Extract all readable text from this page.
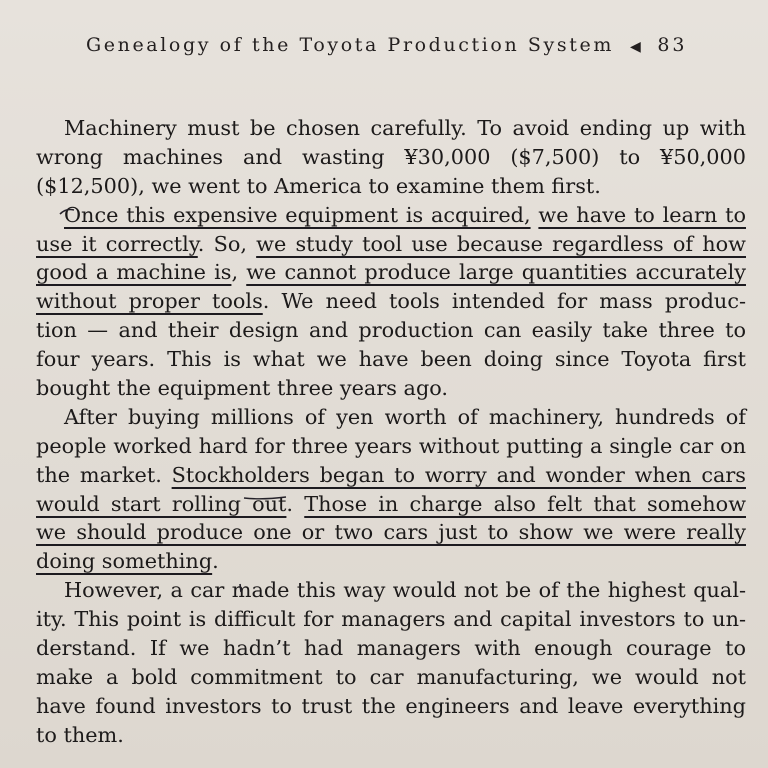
Genealogy of the Toyota Production System ◀ 83
Machinery must be chosen carefully. To avoid ending up with
wrong machines and wasting ¥30,000 ($7,500) to ¥50,000
($12,500), we went to America to examine them first.
Once this expensive equipment is acquired, we have to learn to
use it correctly. So, we study tool use because regardless of how
good a machine is, we cannot produce large quantities accurately
without proper tools. We need tools intended for mass produc-
tion — and their design and production can easily take three to
four years. This is what we have been doing since Toyota first
bought the equipment three years ago.
After buying millions of yen worth of machinery, hundreds of
people worked hard for three years without putting a single car on
the market. Stockholders began to worry and wonder when cars
would start rolling out. Those in charge also felt that somehow
we should produce one or two cars just to show we were really
doing something.
However, a car made this way would not be of the highest qual-
ity. This point is difficult for managers and capital investors to un-
derstand. If we hadn’t had managers with enough courage to
make a bold commitment to car manufacturing, we would not
have found investors to trust the engineers and leave everything
to them.
